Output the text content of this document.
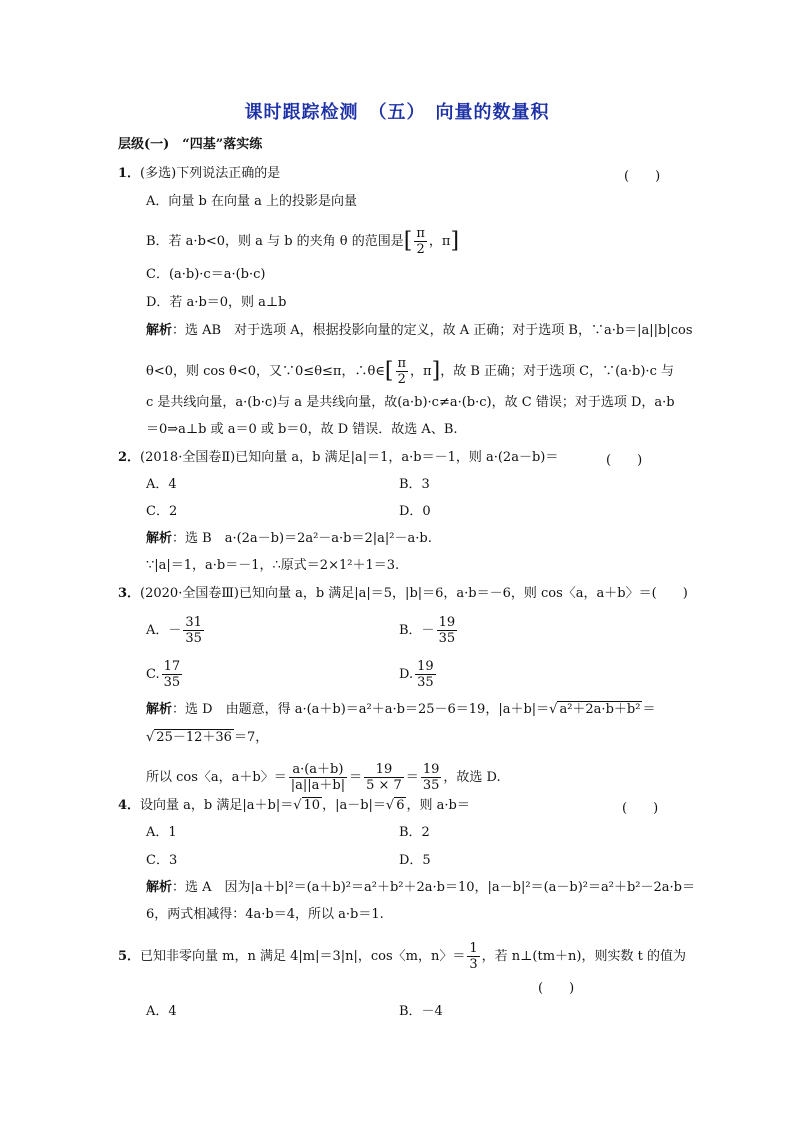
课时跟踪检测　（五）　向量的数量积
层级(一)　“四基”落实练
1．(多选)下列说法正确的是	(　　)
A．向量 b 在向量 a 上的投影是向量
B．若 a·b<0，则 a 与 b 的夹角 θ 的范围是[ $\frac{\pi}{2}$ ，π]
C．(a·b)·c＝a·(b·c)
D．若 a·b＝0，则 a⊥b
解析：选 AB　对于选项 A，根据投影向量的定义，故 A 正确；对于选项 B，∵a·b＝|a||b|cos
θ<0，则 cos θ<0，又∵0≤θ≤π，∴θ∈[ $\frac{\pi}{2}$ ，π]，故 B 正确；对于选项 C，∵(a·b)·c 与
c 是共线向量，a·(b·c)与 a 是共线向量，故(a·b)·c≠a·(b·c)，故 C 错误；对于选项 D，a·b
＝0⇒a⊥b 或 a＝0 或 b＝0，故 D 错误．故选 A、B.
2．(2018·全国卷Ⅱ)已知向量 a，b 满足|a|＝1，a·b＝－1，则 a·(2a－b)＝	(　　)
A．4	B．3
C．2	D．0
解析：选 B　a·(2a－b)＝2a²－a·b＝2|a|²－a·b.
∵|a|＝1，a·b＝－1，∴原式＝2×1²＋1＝3.
3．(2020·全国卷Ⅲ)已知向量 a，b 满足|a|＝5，|b|＝6，a·b＝－6，则 cos〈a，a＋b〉＝(　　)
A．－ $\frac{31}{35}$	B．－ $\frac{19}{35}$
C. $\frac{17}{35}$	D. $\frac{19}{35}$
解析：选 D　由题意，得 a·(a＋b)＝a²＋a·b＝25－6＝19，|a＋b|＝√ a²＋2a·b＋b² ＝
√ 25－12＋36 ＝7，
所以 cos〈a，a＋b〉＝ $\frac{a\cdot(a+b)}{|a||a+b|} = \frac{19}{5 \times 7} = \frac{19}{35}$ ，故选 D.
4．设向量 a，b 满足|a＋b|＝√ 10 ，|a－b|＝√ 6 ，则 a·b＝	(　　)
A．1	B．2
C．3	D．5
解析：选 A　因为|a＋b|²＝(a＋b)²＝a²＋b²＋2a·b＝10，|a－b|²＝(a－b)²＝a²＋b²－2a·b＝
6，两式相减得：4a·b＝4，所以 a·b＝1.
5．已知非零向量 m，n 满足 4|m|＝3|n|，cos〈m，n〉＝ $\frac{1}{3}$ ，若 n⊥(tm＋n)，则实数 t 的值为
(　　)
A．4	B．－4
